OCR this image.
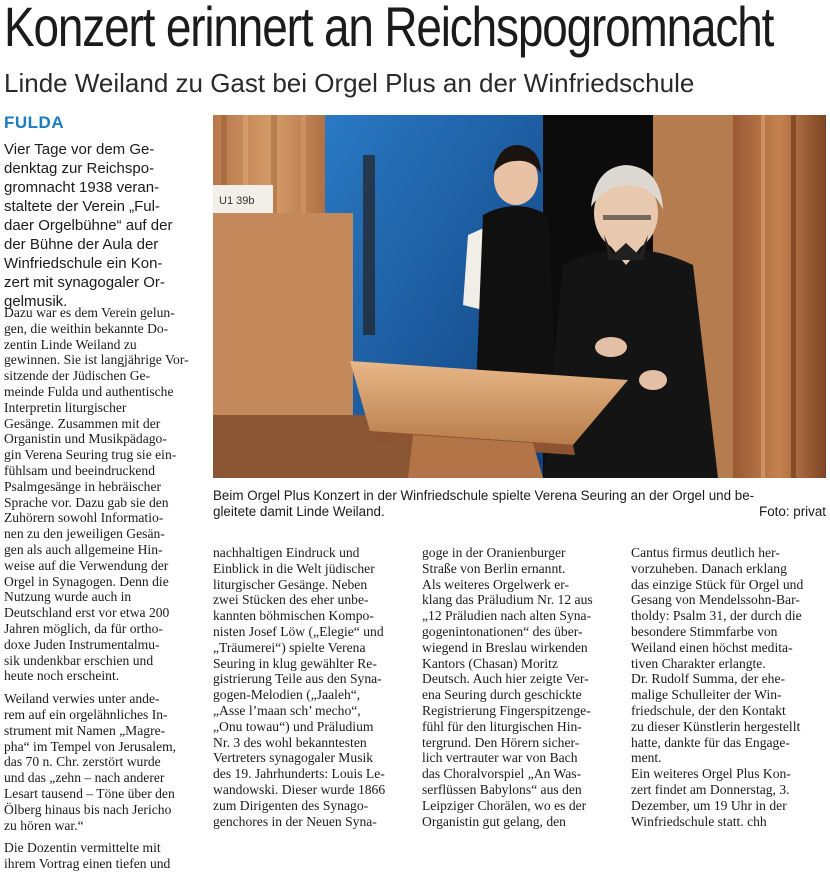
Konzert erinnert an Reichspogromnacht
Linde Weiland zu Gast bei Orgel Plus an der Winfriedschule
FULDA
Vier Tage vor dem Ge-
denktag zur Reichspo-
gromnacht 1938 veran-
staltete der Verein „Ful-
daer Orgelbühne“ auf der
der Bühne der Aula der
Winfriedschule ein Kon-
zert mit synagogaler Or-
gelmusik.
U1 39b
Beim Orgel Plus Konzert in der Winfriedschule spielte Verena Seuring an der Orgel und be-
gleitete damit Linde Weiland.	Foto: privat
Dazu war es dem Verein gelun-
gen, die weithin bekannte Do-
zentin Linde Weiland zu
gewinnen. Sie ist langjährige Vor-
sitzende der Jüdischen Ge-
meinde Fulda und authentische
Interpretin liturgischer
Gesänge. Zusammen mit der
Organistin und Musikpädago-
gin Verena Seuring trug sie ein-
fühlsam und beeindruckend
Psalmgesänge in hebräischer
Sprache vor. Dazu gab sie den
Zuhörern sowohl Informatio-
nen zu den jeweiligen Gesän-
gen als auch allgemeine Hin-
weise auf die Verwendung der
Orgel in Synagogen. Denn die
Nutzung wurde auch in
Deutschland erst vor etwa 200
Jahren möglich, da für ortho-
doxe Juden Instrumentalmu-
sik undenkbar erschien und
heute noch erscheint.
Weiland verwies unter ande-
rem auf ein orgelähnliches In-
strument mit Namen „Magre-
pha“ im Tempel von Jerusalem,
das 70 n. Chr. zerstört wurde
und das „zehn – nach anderer
Lesart tausend – Töne über den
Ölberg hinaus bis nach Jericho
zu hören war.“
Die Dozentin vermittelte mit
ihrem Vortrag einen tiefen und
nachhaltigen Eindruck und
Einblick in die Welt jüdischer
liturgischer Gesänge. Neben
zwei Stücken des eher unbe-
kannten böhmischen Kompo-
nisten Josef Löw („Elegie“ und
„Träumerei“) spielte Verena
Seuring in klug gewählter Re-
gistrierung Teile aus den Syna-
gogen-Melodien („Jaaleh“,
„Asse l’maan sch’ mecho“,
„Onu towau“) und Präludium
Nr. 3 des wohl bekanntesten
Vertreters synagogaler Musik
des 19. Jahrhunderts: Louis Le-
wandowski. Dieser wurde 1866
zum Dirigenten des Synago-
genchores in der Neuen Syna-
goge in der Oranienburger
Straße von Berlin ernannt.
Als weiteres Orgelwerk er-
klang das Präludium Nr. 12 aus
„12 Präludien nach alten Syna-
gogenintonationen“ des über-
wiegend in Breslau wirkenden
Kantors (Chasan) Moritz
Deutsch. Auch hier zeigte Ver-
ena Seuring durch geschickte
Registrierung Fingerspitzenge-
fühl für den liturgischen Hin-
tergrund. Den Hörern sicher-
lich vertrauter war von Bach
das Choralvorspiel „An Was-
serflüssen Babylons“ aus den
Leipziger Chorälen, wo es der
Organistin gut gelang, den
Cantus firmus deutlich her-
vorzuheben. Danach erklang
das einzige Stück für Orgel und
Gesang von Mendelssohn-Bar-
tholdy: Psalm 31, der durch die
besondere Stimmfarbe von
Weiland einen höchst medita-
tiven Charakter erlangte.
Dr. Rudolf Summa, der ehe-
malige Schulleiter der Win-
friedschule, der den Kontakt
zu dieser Künstlerin hergestellt
hatte, dankte für das Engage-
ment.
Ein weiteres Orgel Plus Kon-
zert findet am Donnerstag, 3.
Dezember, um 19 Uhr in der
Winfriedschule statt. chh
